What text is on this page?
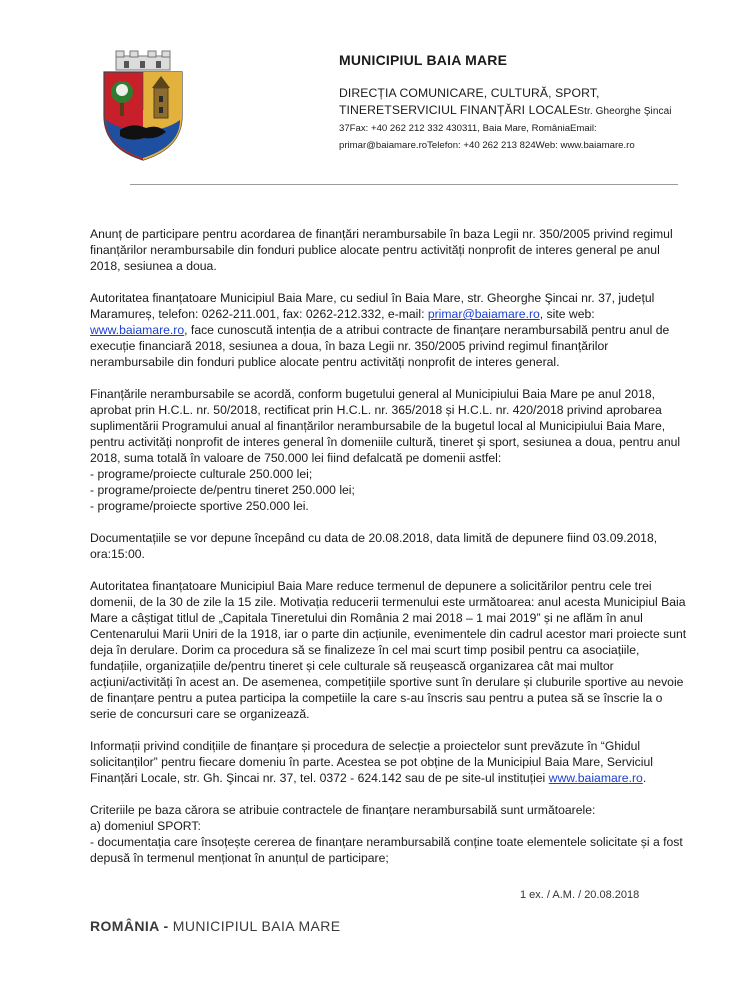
MUNICIPIUL BAIA MARE
DIRECȚIA COMUNICARE, CULTURĂ, SPORT,
TINERETSERVICIUL FINANȚĂRI LOCALEStr. Gheorghe Şincai
37Fax: +40 262 212 332 430311, Baia Mare, RomâniaEmail:
primar@baiamare.roTelefon: +40 262 213 824Web: www.baiamare.ro

Anunț de participare pentru acordarea de finanțări nerambursabile în baza Legii nr. 350/2005 privind regimul finanțărilor nerambursabile din fonduri publice alocate pentru activități nonprofit de interes general pe anul 2018, sesiunea a doua.

Autoritatea finanțatoare Municipiul Baia Mare, cu sediul în Baia Mare, str. Gheorghe Şincai nr. 37, județul Maramureș, telefon: 0262-211.001, fax: 0262-212.332, e-mail: primar@baiamare.ro, site web: www.baiamare.ro, face cunoscută intenția de a atribui contracte de finanțare nerambursabilă pentru anul de execuție financiară 2018, sesiunea a doua, în baza Legii nr. 350/2005 privind regimul finanțărilor nerambursabile din fonduri publice alocate pentru activități nonprofit de interes general.

Finanțările nerambursabile se acordă, conform bugetului general al Municipiului Baia Mare pe anul 2018, aprobat prin H.C.L. nr. 50/2018, rectificat prin H.C.L. nr. 365/2018 și H.C.L. nr. 420/2018 privind aprobarea suplimentării Programului anual al finanțărilor nerambursabile de la bugetul local al Municipiului Baia Mare, pentru activități nonprofit de interes general în domeniile cultură, tineret şi sport, sesiunea a doua, pentru anul 2018, suma totală în valoare de 750.000 lei fiind defalcată pe domenii astfel:

- programe/proiecte culturale 250.000 lei;
- programe/proiecte de/pentru tineret 250.000 lei;
- programe/proiecte sportive 250.000 lei.

Documentațiile se vor depune începând cu data de 20.08.2018, data limită de depunere fiind 03.09.2018, ora:15:00.

Autoritatea finanțatoare Municipiul Baia Mare reduce termenul de depunere a solicitărilor pentru cele trei domenii, de la 30 de zile la 15 zile. Motivația reducerii termenului este următoarea: anul acesta Municipiul Baia Mare a câștigat titlul de „Capitala Tineretului din România 2 mai 2018 – 1 mai 2019” și ne aflăm în anul Centenarului Marii Uniri de la 1918, iar o parte din acțiunile, evenimentele din cadrul acestor mari proiecte sunt deja în derulare. Dorim ca procedura să se finalizeze în cel mai scurt timp posibil pentru ca asociațiile, fundațiile, organizațiile de/pentru tineret și cele culturale să reușească organizarea cât mai multor acțiuni/activități în acest an. De asemenea, competițiile sportive sunt în derulare și cluburile sportive au nevoie de finanțare pentru a putea participa la competiile la care s-au înscris sau pentru a putea să se înscrie la o serie de concursuri care se organizează.

Informații privind condițiile de finanțare și procedura de selecție a proiectelor sunt prevăzute în “Ghidul solicitanților” pentru fiecare domeniu în parte. Acestea se pot obține de la Municipiul Baia Mare, Serviciul Finanțări Locale, str. Gh. Şincai nr. 37, tel. 0372 - 624.142 sau de pe site-ul instituției www.baiamare.ro.

Criteriile pe baza cărora se atribuie contractele de finanțare nerambursabilă sunt următoarele:

a) domeniul SPORT:

- documentația care însoțește cererea de finanțare nerambursabilă conține toate elementele solicitate și a fost depusă în termenul menționat în anunțul de participare;

1 ex. / A.M. / 20.08.2018
ROMÂNIA - MUNICIPIUL BAIA MARE
